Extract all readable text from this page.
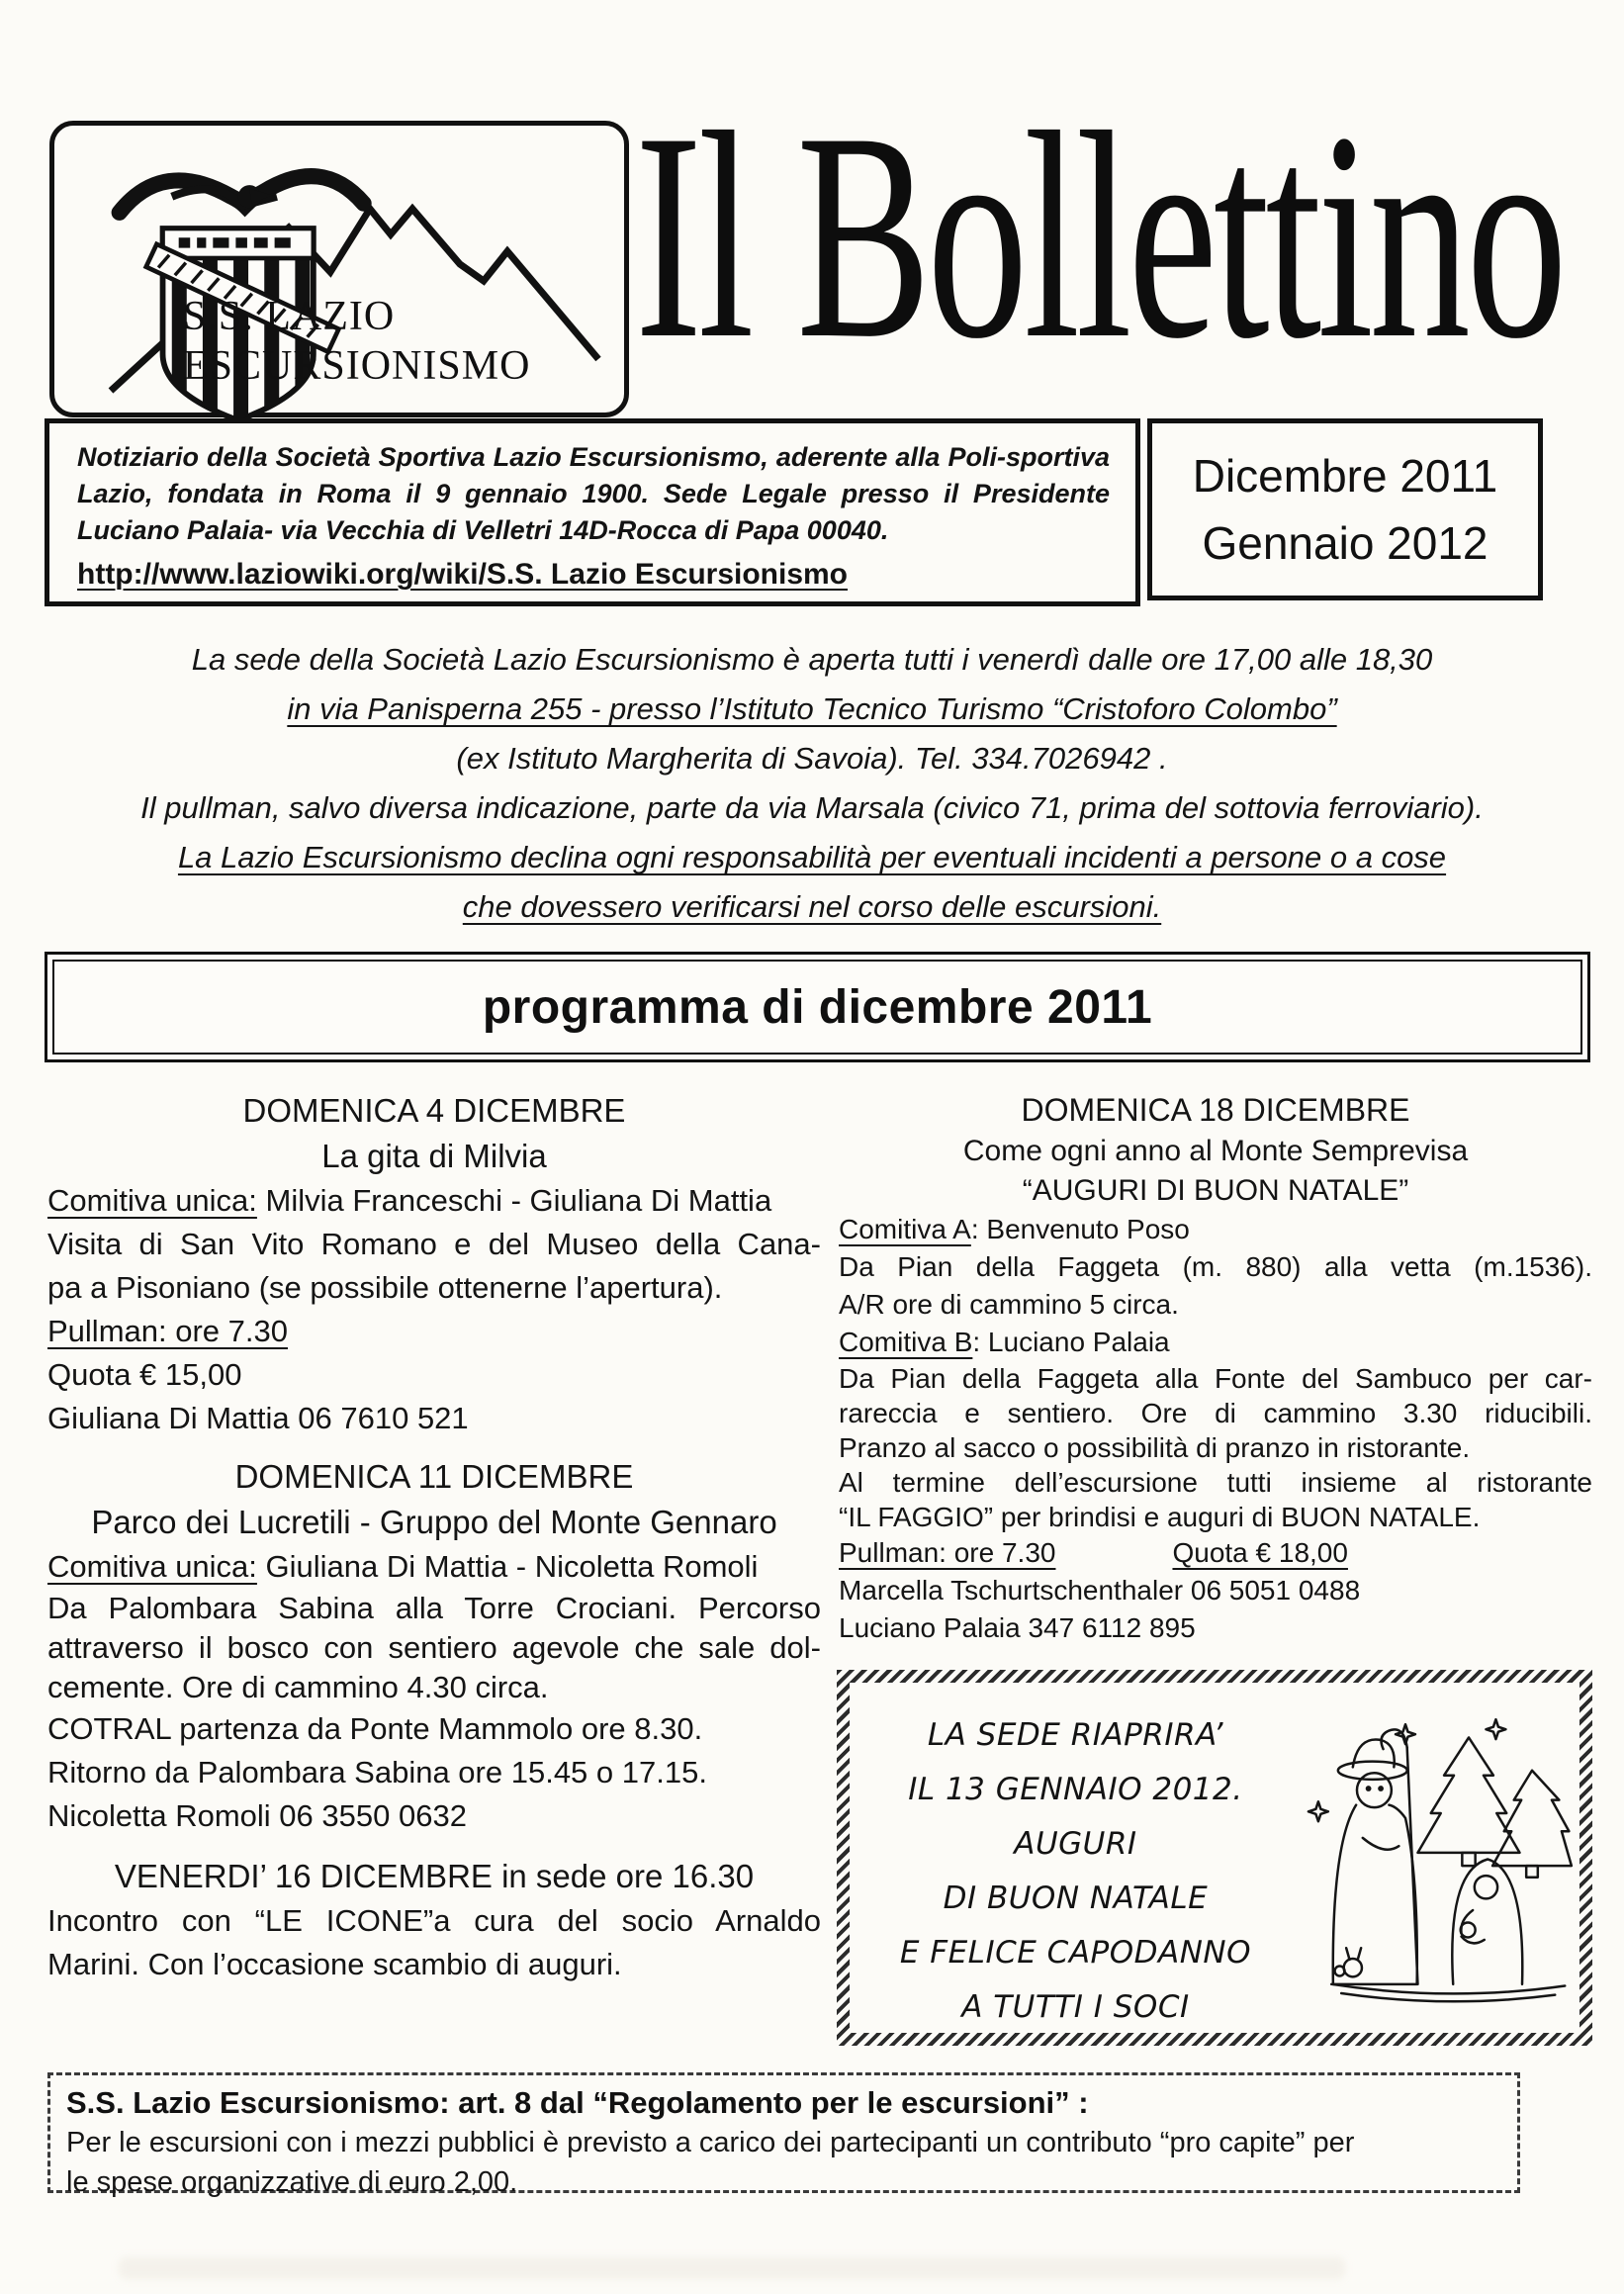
S.S. LAZIO
ESCURSIONISMO Il Bollettino

Notiziario della Società Sportiva Lazio Escursionismo, aderente alla Poli-sportiva Lazio, fondata in Roma il 9 gennaio 1900. Sede Legale presso il Presidente Luciano Palaia- via Vecchia di Velletri 14D-Rocca di Papa 00040.

http://www.laziowiki.org/wiki/S.S. Lazio Escursionismo
Dicembre 2011
Gennaio 2012
La sede della Società Lazio Escursionismo è aperta tutti i venerdì dalle ore 17,00 alle 18,30
in via Panisperna 255 - presso l’Istituto Tecnico Turismo “Cristoforo Colombo”
(ex Istituto Margherita di Savoia). Tel. 334.7026942 .
Il pullman, salvo diversa indicazione, parte da via Marsala (civico 71, prima del sottovia ferroviario).
La Lazio Escursionismo declina ogni responsabilità per eventuali incidenti a persone o a cose
che dovessero verificarsi nel corso delle escursioni.
programma di dicembre 2011
DOMENICA 4 DICEMBRE
La gita di Milvia
Comitiva unica: Milvia Franceschi - Giuliana Di Mattia
Visita di San Vito Romano e del Museo della Cana-
pa a Pisoniano (se possibile ottenerne l’apertura).
Pullman: ore 7.30
Quota € 15,00
Giuliana Di Mattia 06 7610 521
DOMENICA 11 DICEMBRE
Parco dei Lucretili - Gruppo del Monte Gennaro
Comitiva unica: Giuliana Di Mattia - Nicoletta Romoli
Da Palombara Sabina alla Torre Crociani. Percorso
attraverso il bosco con sentiero agevole che sale dol-
cemente. Ore di cammino 4.30 circa.
COTRAL partenza da Ponte Mammolo ore 8.30.
Ritorno da Palombara Sabina ore 15.45 o 17.15.
Nicoletta Romoli 06 3550 0632
VENERDI’ 16 DICEMBRE in sede ore 16.30
Incontro con “LE ICONE”a cura del socio Arnaldo
Marini. Con l’occasione scambio di auguri.
DOMENICA 18 DICEMBRE
Come ogni anno al Monte Semprevisa
“AUGURI DI BUON NATALE”
Comitiva A: Benvenuto Poso
Da Pian della Faggeta (m. 880) alla vetta (m.1536).
A/R ore di cammino 5 circa.
Comitiva B: Luciano Palaia
Da Pian della Faggeta alla Fonte del Sambuco per car-
rareccia e sentiero. Ore di cammino 3.30 riducibili.
Pranzo al sacco o possibilità di pranzo in ristorante.
Al termine dell’escursione tutti insieme al ristorante
“IL FAGGIO” per brindisi e auguri di BUON NATALE.
Pullman: ore 7.30	Quota € 18,00
Marcella Tschurtschenthaler 06 5051 0488
Luciano Palaia 347 6112 895
LA SEDE RIAPRIRA’
IL 13 GENNAIO 2012.
AUGURI
DI BUON NATALE
E FELICE CAPODANNO
A TUTTI I SOCI
S.S. Lazio Escursionismo: art. 8 dal “Regolamento per le escursioni” :
Per le escursioni con i mezzi pubblici è previsto a carico dei partecipanti un contributo “pro capite” per
le spese organizzative di euro 2,00.
